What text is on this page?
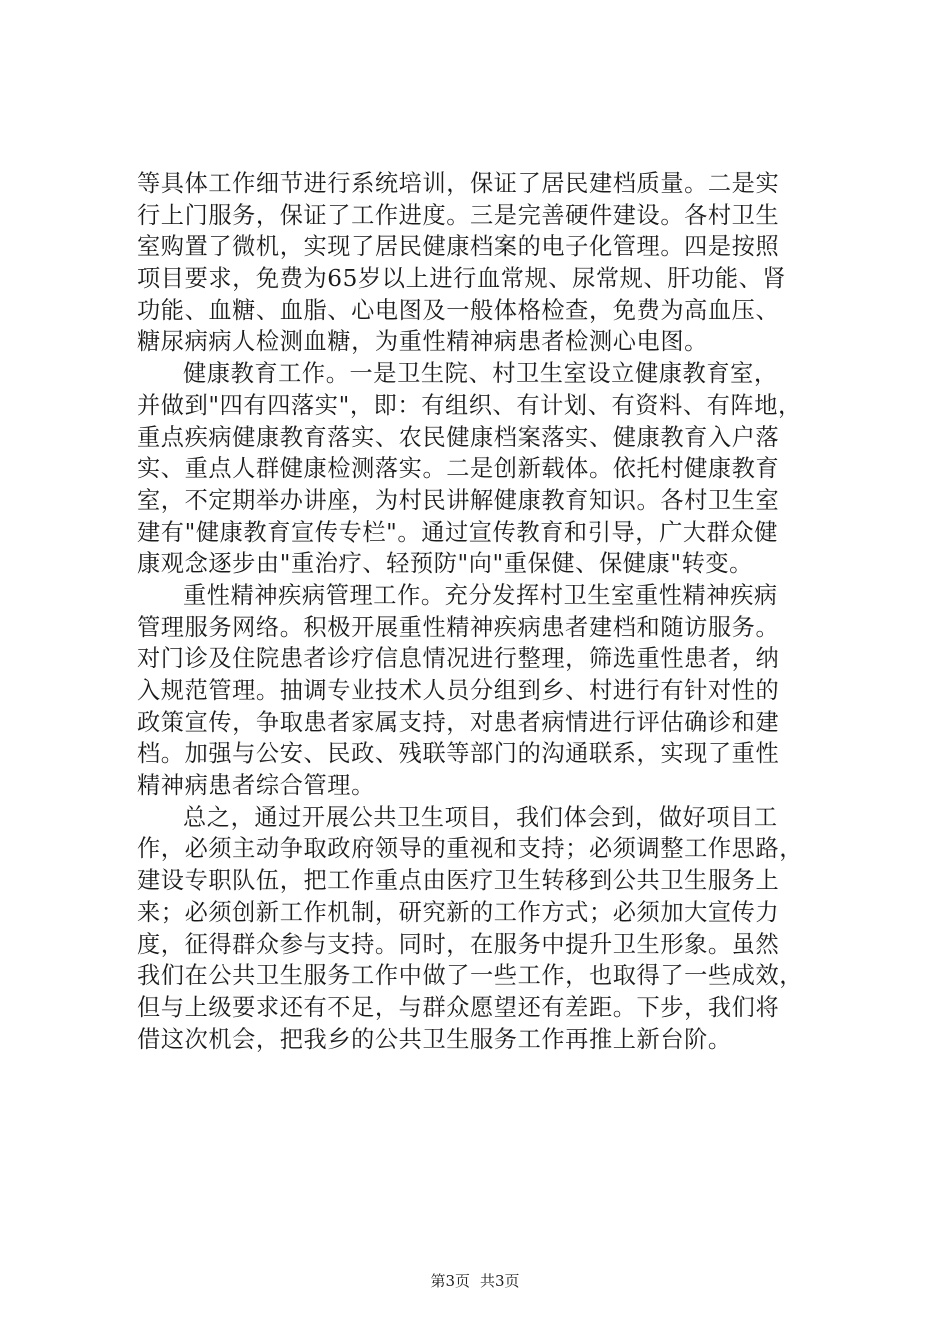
等具体工作细节进行系统培训，保证了居民建档质量。二是实
行上门服务，保证了工作进度。三是完善硬件建设。各村卫生
室购置了微机，实现了居民健康档案的电子化管理。四是按照
项目要求，免费为65岁以上进行血常规、尿常规、肝功能、肾
功能、血糖、血脂、心电图及一般体格检查，免费为高血压、
糖尿病病人检测血糖，为重性精神病患者检测心电图。
健康教育工作。一是卫生院、村卫生室设立健康教育室，
并做到"四有四落实"，即：有组织、有计划、有资料、有阵地，
重点疾病健康教育落实、农民健康档案落实、健康教育入户落
实、重点人群健康检测落实。二是创新载体。依托村健康教育
室，不定期举办讲座，为村民讲解健康教育知识。各村卫生室
建有"健康教育宣传专栏"。通过宣传教育和引导，广大群众健
康观念逐步由"重治疗、轻预防"向"重保健、保健康"转变。
重性精神疾病管理工作。充分发挥村卫生室重性精神疾病
管理服务网络。积极开展重性精神疾病患者建档和随访服务。
对门诊及住院患者诊疗信息情况进行整理，筛选重性患者，纳
入规范管理。抽调专业技术人员分组到乡、村进行有针对性的
政策宣传，争取患者家属支持，对患者病情进行评估确诊和建
档。加强与公安、民政、残联等部门的沟通联系，实现了重性
精神病患者综合管理。
总之，通过开展公共卫生项目，我们体会到，做好项目工
作，必须主动争取政府领导的重视和支持；必须调整工作思路，
建设专职队伍，把工作重点由医疗卫生转移到公共卫生服务上
来；必须创新工作机制，研究新的工作方式；必须加大宣传力
度，征得群众参与支持。同时，在服务中提升卫生形象。虽然
我们在公共卫生服务工作中做了一些工作，也取得了一些成效，
但与上级要求还有不足，与群众愿望还有差距。下步，我们将
借这次机会，把我乡的公共卫生服务工作再推上新台阶。
第3页 共3页
